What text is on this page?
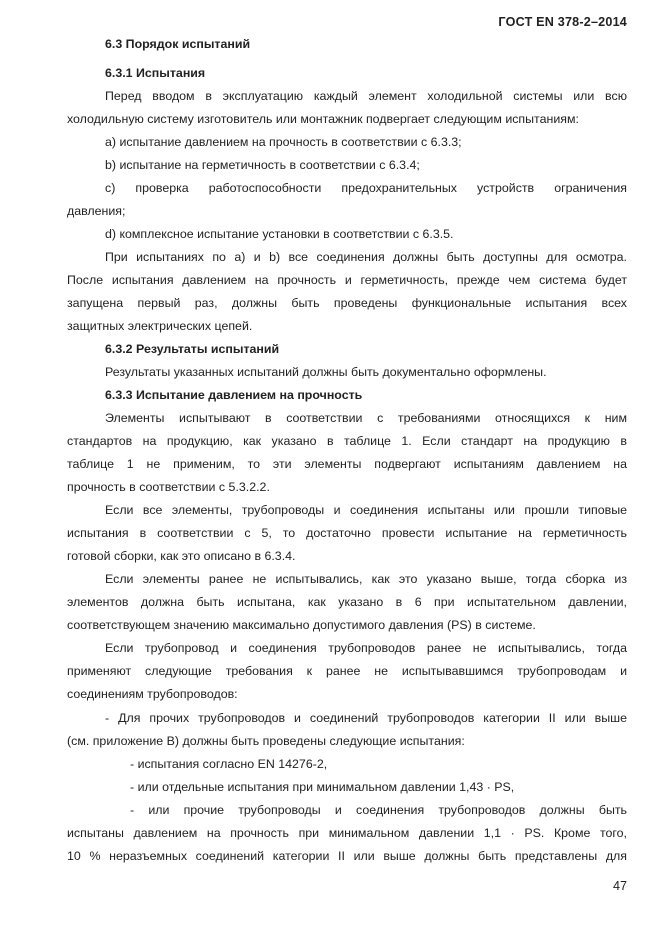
ГОСТ EN 378-2–2014
6.3 Порядок испытаний
6.3.1 Испытания
Перед вводом в эксплуатацию каждый элемент холодильной системы или всю
холодильную систему изготовитель или монтажник подвергает следующим испытаниям:
a) испытание давлением на прочность в соответствии с 6.3.3;
b) испытание на герметичность в соответствии с 6.3.4;
c) проверка работоспособности предохранительных устройств ограничения
давления;
d) комплексное испытание установки в соответствии с 6.3.5.
При испытаниях по а) и b) все соединения должны быть доступны для осмотра.
После испытания давлением на прочность и герметичность, прежде чем система будет
запущена первый раз, должны быть проведены функциональные испытания всех
защитных электрических цепей.
6.3.2 Результаты испытаний
Результаты указанных испытаний должны быть документально оформлены.
6.3.3 Испытание давлением на прочность
Элементы испытывают в соответствии с требованиями относящихся к ним
стандартов на продукцию, как указано в таблице 1. Если стандарт на продукцию в
таблице 1 не применим, то эти элементы подвергают испытаниям давлением на
прочность в соответствии с 5.3.2.2.
Если все элементы, трубопроводы и соединения испытаны или прошли типовые
испытания в соответствии с 5, то достаточно провести испытание на герметичность
готовой сборки, как это описано в 6.3.4.
Если элементы ранее не испытывались, как это указано выше, тогда сборка из
элементов должна быть испытана, как указано в 6 при испытательном давлении,
соответствующем значению максимально допустимого давления (PS) в системе.
Если трубопровод и соединения трубопроводов ранее не испытывались, тогда
применяют следующие требования к ранее не испытывавшимся трубопроводам и
соединениям трубопроводов:
- Для прочих трубопроводов и соединений трубопроводов категории II или выше
(см. приложение B) должны быть проведены следующие испытания:
- испытания согласно EN 14276-2,
- или отдельные испытания при минимальном давлении 1,43 · PS,
- или прочие трубопроводы и соединения трубопроводов должны быть
испытаны давлением на прочность при минимальном давлении 1,1 · PS. Кроме того,
10 % неразъемных соединений категории II или выше должны быть представлены для
47
